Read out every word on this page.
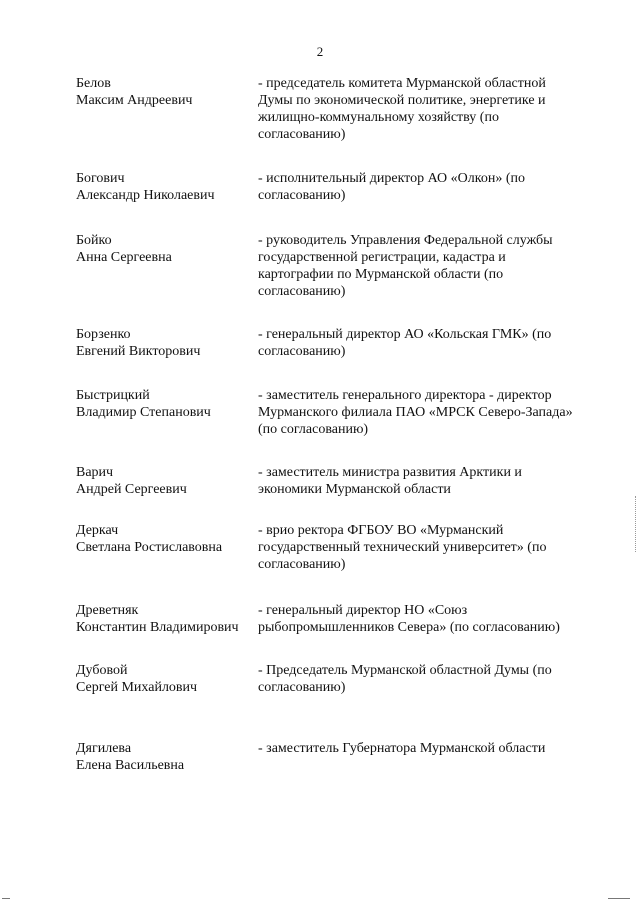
2
Белов
Максим Андреевич
- председатель комитета Мурманской областной
Думы по экономической политике, энергетике и
жилищно-коммунальному хозяйству (по
согласованию)
Богович
Александр Николаевич
- исполнительный директор АО «Олкон» (по
согласованию)
Бойко
Анна Сергеевна
- руководитель Управления Федеральной службы
государственной регистрации, кадастра и
картографии по Мурманской области (по
согласованию)
Борзенко
Евгений Викторович
- генеральный директор АО «Кольская ГМК» (по
согласованию)
Быстрицкий
Владимир Степанович
- заместитель генерального директора - директор
Мурманского филиала ПАО «МРСК Северо-Запада»
(по согласованию)
Варич
Андрей Сергеевич
- заместитель министра развития Арктики и
экономики Мурманской области
Деркач
Светлана Ростиславовна
- врио ректора ФГБОУ ВО «Мурманский
государственный технический университет» (по
согласованию)
Древетняк
Константин Владимирович
- генеральный директор НО «Союз
рыбопромышленников Севера» (по согласованию)
Дубовой
Сергей Михайлович
- Председатель Мурманской областной Думы (по
согласованию)
Дягилева
Елена Васильевна
- заместитель Губернатора Мурманской области
